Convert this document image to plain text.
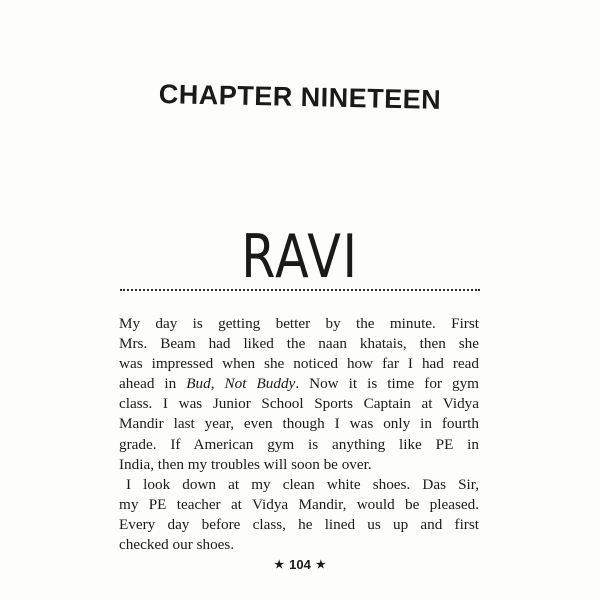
CHAPTER NINETEEN
RAVI
My day is getting better by the minute. First
Mrs. Beam had liked the naan khatais, then she
was impressed when she noticed how far I had read
ahead in Bud, Not Buddy. Now it is time for gym
class. I was Junior School Sports Captain at Vidya
Mandir last year, even though I was only in fourth
grade. If American gym is anything like PE in
India, then my troubles will soon be over.
I look down at my clean white shoes. Das Sir,
my PE teacher at Vidya Mandir, would be pleased.
Every day before class, he lined us up and first
checked our shoes.
★ 104 ★
